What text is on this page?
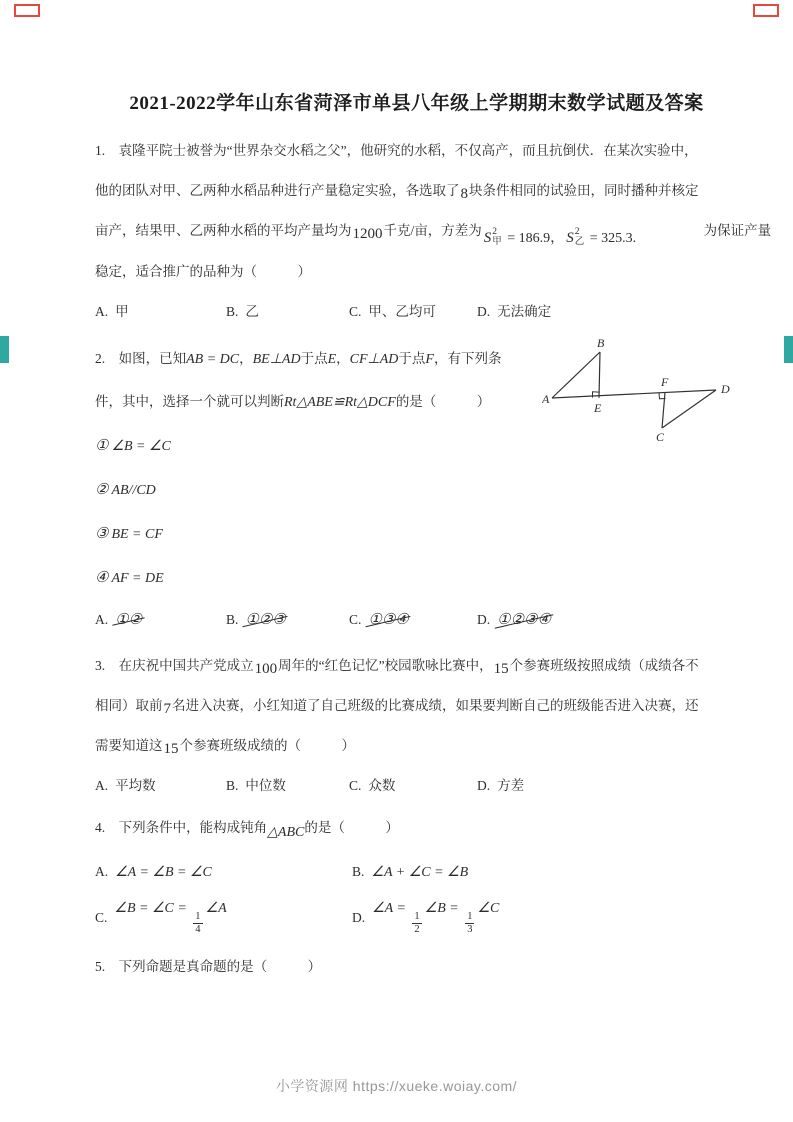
2021-2022学年山东省菏泽市单县八年级上学期期末数学试题及答案
1.　袁隆平院士被誉为“世界杂交水稻之父”，他研究的水稻，不仅高产，而且抗倒伏．在某次实验中，
他的团队对甲、乙两种水稻品种进行产量稳定实验，各选取了8块条件相同的试验田，同时播种并核定
亩产，结果甲、乙两种水稻的平均产量均为1200千克/亩，方差为 S 2
甲 = 186.9， S 2
乙 = 325.3.　　　　　为保证产量
稳定，适合推广的品种为（　　　）
A. 甲	B. 乙	C. 甲、乙均可	D. 无法确定
A
B
C
D
E
F
2.　如图，已知AB = DC，BE⊥AD于点E，CF⊥AD于点F，有下列条
件，其中，选择一个就可以判断Rt△ABE≌Rt△DCF的是（　　　）
① ∠B = ∠C
② AB//CD
③ BE = CF
④ AF = DE
A. ①②	B. ①②③	C. ①③④	D. ①②③④
3.　在庆祝中国共产党成立100周年的“红色记忆”校园歌咏比赛中，15个参赛班级按照成绩（成绩各不
相同）取前7名进入决赛，小红知道了自己班级的比赛成绩，如果要判断自己的班级能否进入决赛，还
需要知道这15个参赛班级成绩的（　　　）
A. 平均数	B. 中位数	C. 众数	D. 方差
4.　下列条件中，能构成钝角△ABC的是（　　　）
A. ∠A = ∠B = ∠C	B. ∠A + ∠C = ∠B
C.
∠B = ∠C =
$\frac{1}{4}$
∠A
D.
∠A =
$\frac{1}{2}$
∠B =
$\frac{1}{3}$
∠C
5.　下列命题是真命题的是（　　　）
小学资源网 https://xueke.woiay.com/
